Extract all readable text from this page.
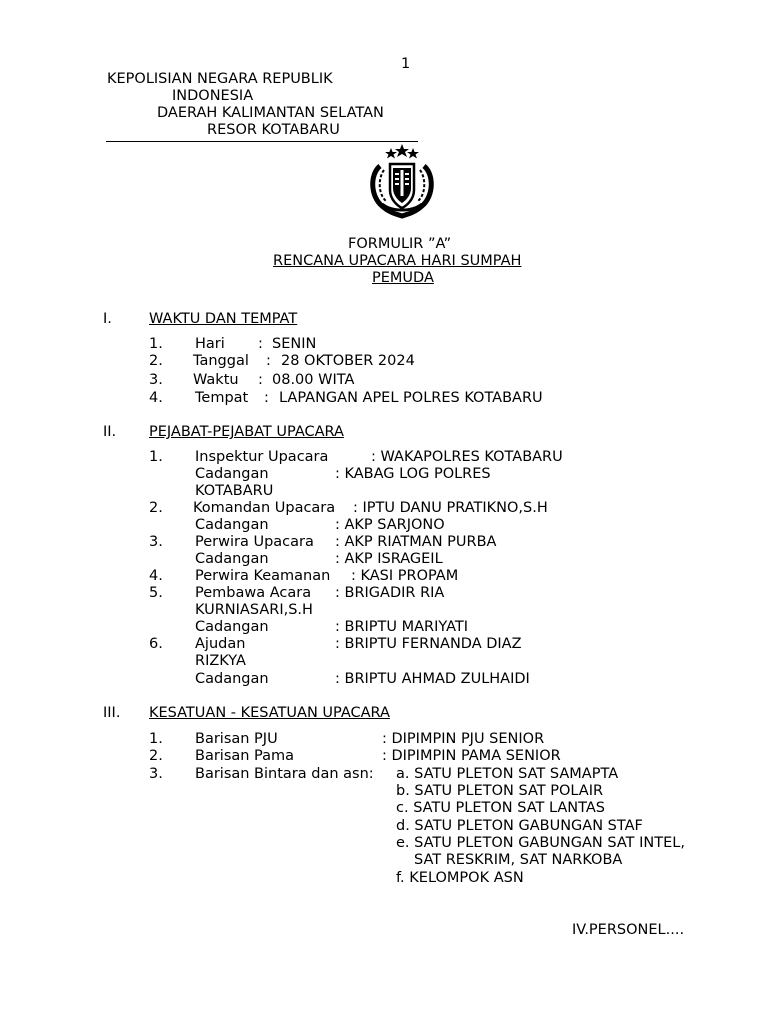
1
KEPOLISIAN NEGARA REPUBLIK
INDONESIA
DAERAH KALIMANTAN SELATAN
RESOR KOTABARU
FORMULIR ”A”
RENCANA UPACARA HARI SUMPAH
PEMUDA
I.	WAKTU DAN TEMPAT
1. Hari : SENIN
2. Tanggal : 28 OKTOBER 2024
3. Waktu : 08.00 WITA
4. Tempat : LAPANGAN APEL POLRES KOTABARU
II. PEJABAT-PEJABAT UPACARA
1. Inspektur Upacara	: WAKAPOLRES KOTABARU
Cadangan	: KABAG LOG POLRES
KOTABARU
2. Komandan Upacara : IPTU DANU PRATIKNO,S.H
Cadangan	: AKP SARJONO
3. Perwira Upacara : AKP RIATMAN PURBA
Cadangan	: AKP ISRAGEIL
4. Perwira Keamanan : KASI PROPAM
5. Pembawa Acara : BRIGADIR RIA
KURNIASARI,S.H
Cadangan	: BRIPTU MARIYATI
6. Ajudan	: BRIPTU FERNANDA DIAZ
RIZKYA
Cadangan	: BRIPTU AHMAD ZULHAIDI
III. KESATUAN - KESATUAN UPACARA
1. Barisan PJU	: DIPIMPIN PJU SENIOR
2. Barisan Pama	: DIPIMPIN PAMA SENIOR
3. Barisan Bintara dan asn: a. SATU PLETON SAT SAMAPTA
b. SATU PLETON SAT POLAIR
c. SATU PLETON SAT LANTAS
d. SATU PLETON GABUNGAN STAF
e. SATU PLETON GABUNGAN SAT INTEL,
SAT RESKRIM, SAT NARKOBA
f. KELOMPOK ASN
IV.PERSONEL....
